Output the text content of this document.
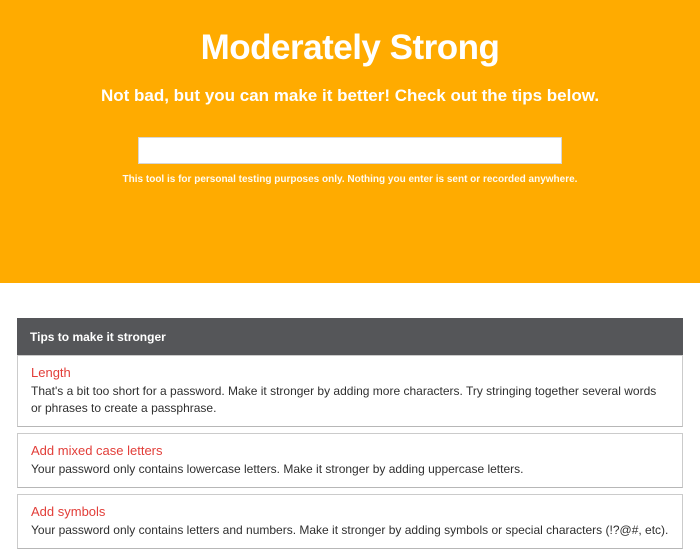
Moderately Strong
Not bad, but you can make it better! Check out the tips below.
This tool is for personal testing purposes only. Nothing you enter is sent or recorded anywhere.
Tips to make it stronger
Length
That's a bit too short for a password. Make it stronger by adding more characters. Try stringing together several words or phrases to create a passphrase.
Add mixed case letters
Your password only contains lowercase letters. Make it stronger by adding uppercase letters.
Add symbols
Your password only contains letters and numbers. Make it stronger by adding symbols or special characters (!?@#, etc).
